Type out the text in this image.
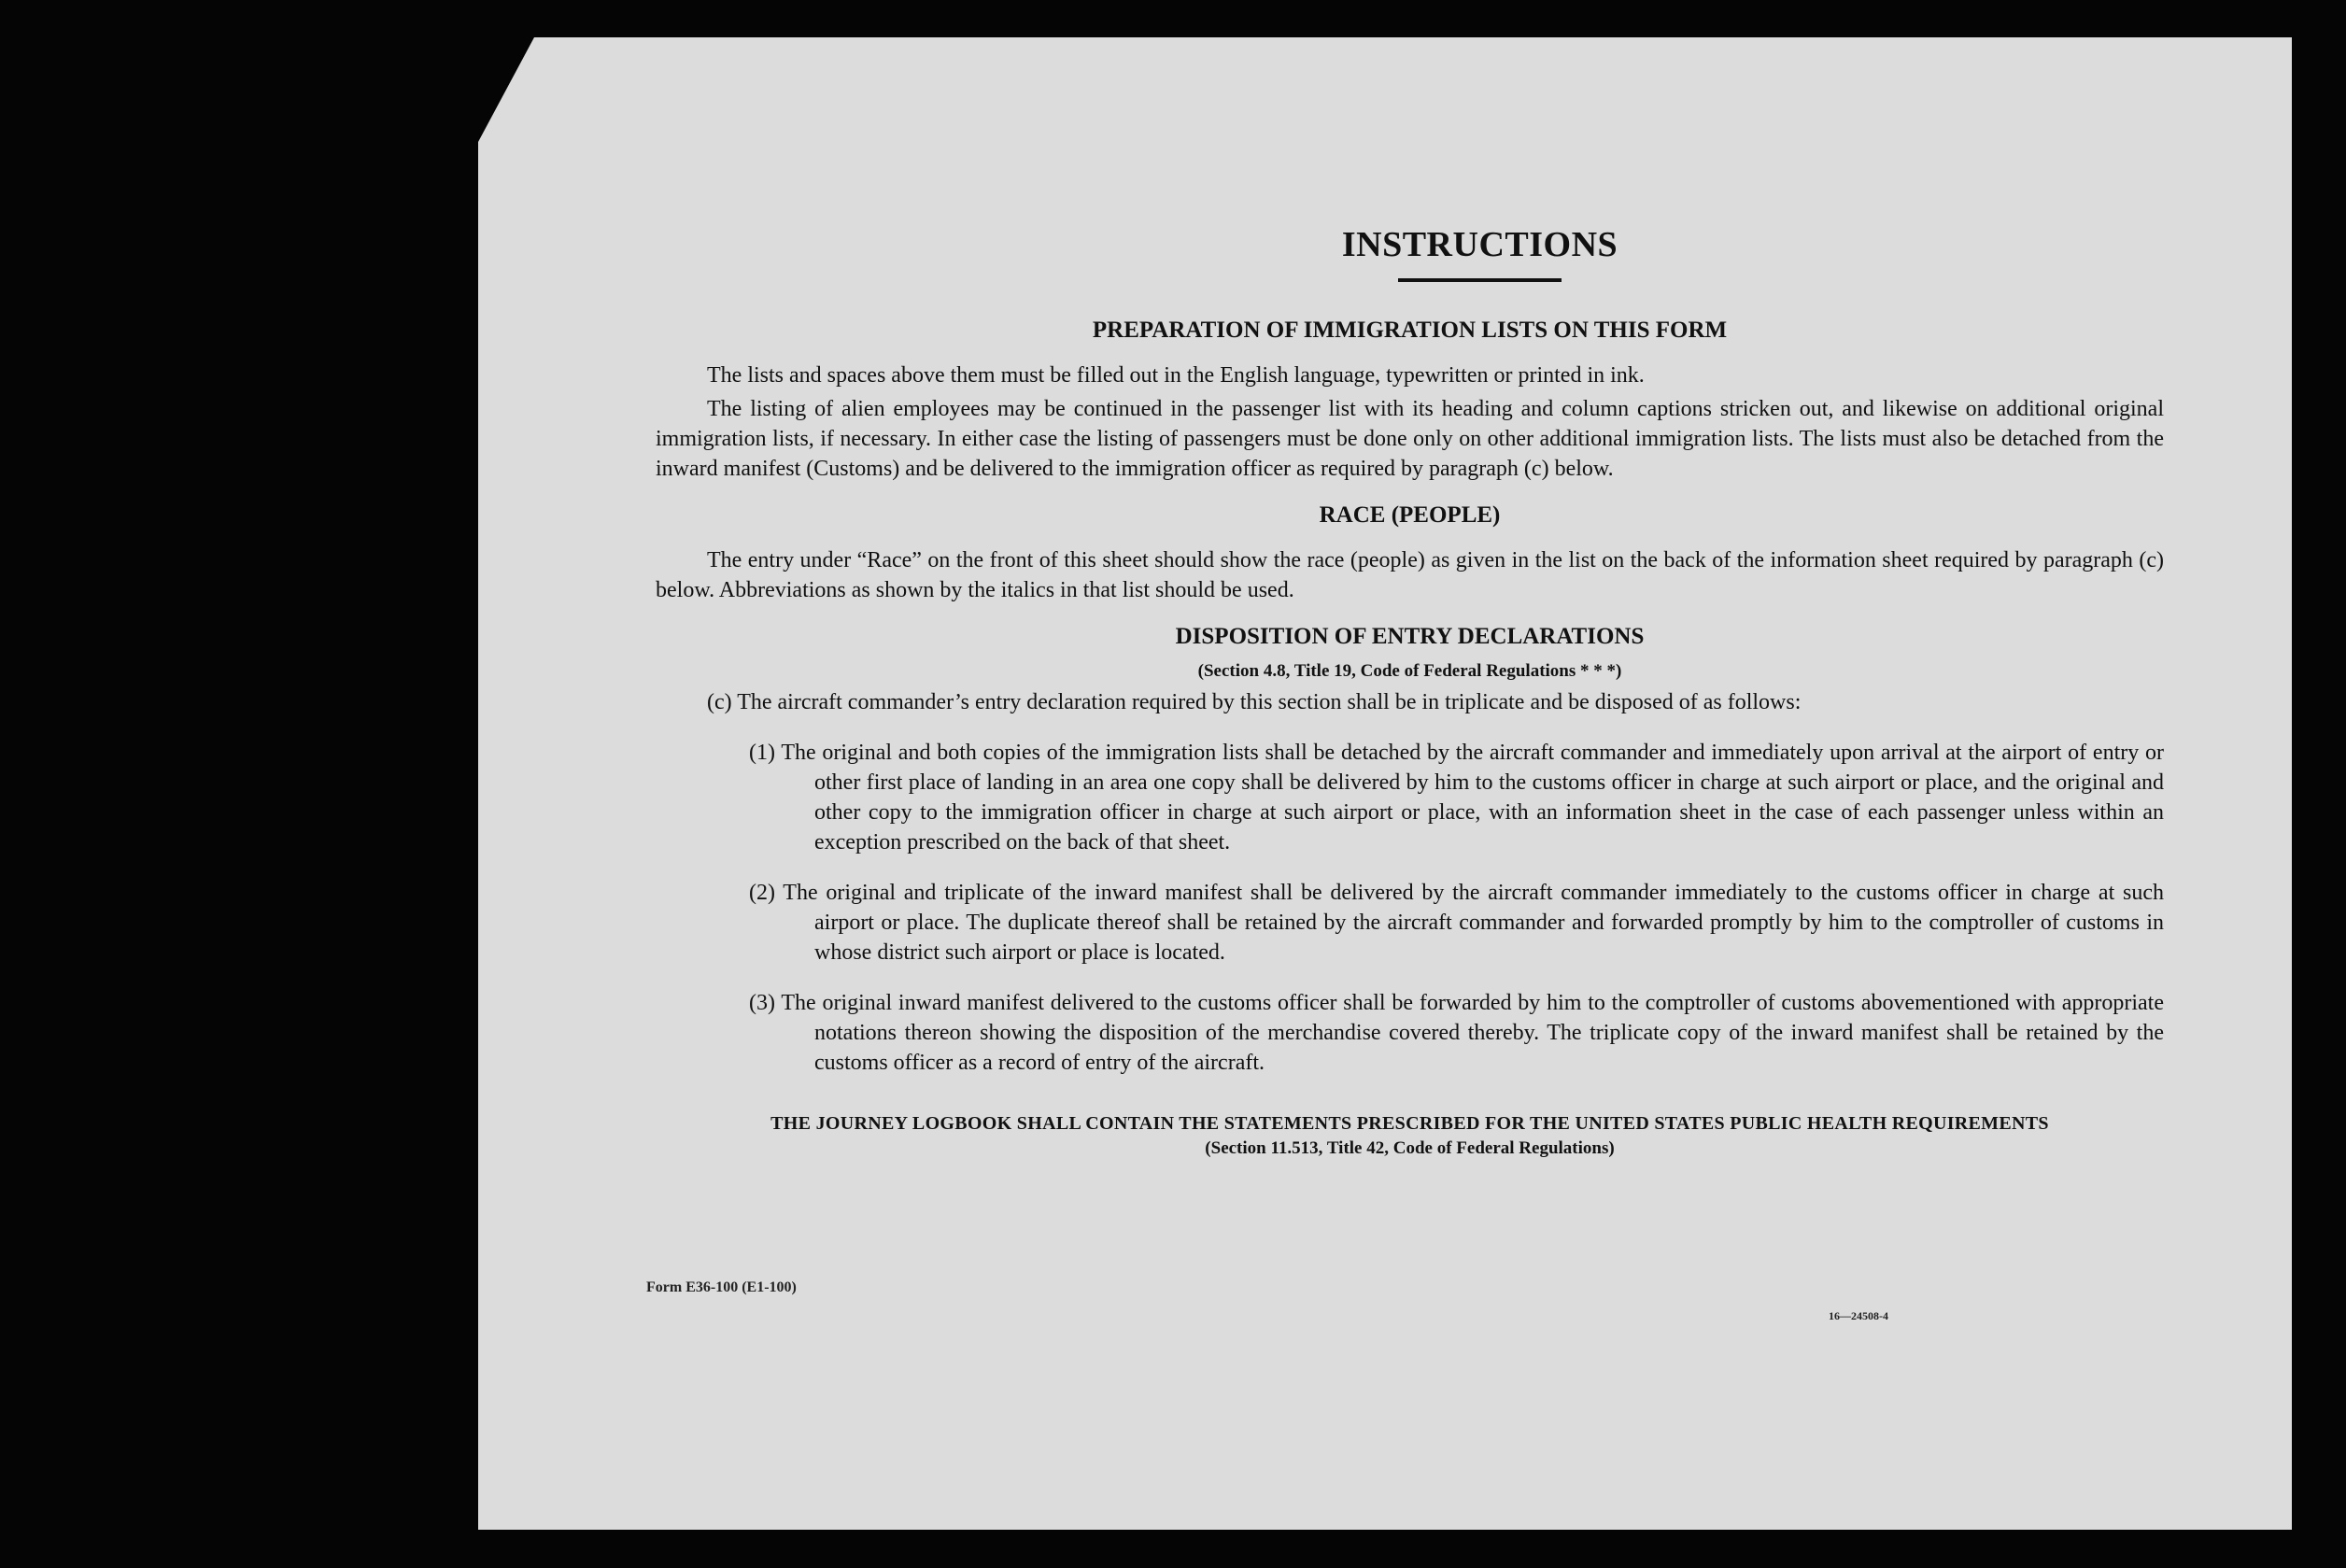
INSTRUCTIONS
PREPARATION OF IMMIGRATION LISTS ON THIS FORM

The lists and spaces above them must be filled out in the English language, typewritten or printed in ink.

The listing of alien employees may be continued in the passenger list with its heading and column captions stricken out, and likewise on additional original immigration lists, if necessary. In either case the listing of passengers must be done only on other additional immigration lists. The lists must also be detached from the inward manifest (Customs) and be delivered to the immigration officer as required by paragraph (c) below.

RACE (PEOPLE)

The entry under “Race” on the front of this sheet should show the race (people) as given in the list on the back of the information sheet required by paragraph (c) below. Abbreviations as shown by the italics in that list should be used.

DISPOSITION OF ENTRY DECLARATIONS
(Section 4.8, Title 19, Code of Federal Regulations * * *)
(c) The aircraft commander’s entry declaration required by this section shall be in triplicate and be disposed of as follows:
(1) The original and both copies of the immigration lists shall be detached by the aircraft commander and immediately upon arrival at the airport of entry or other first place of landing in an area one copy shall be delivered by him to the customs officer in charge at such airport or place, and the original and other copy to the immigration officer in charge at such airport or place, with an information sheet in the case of each passenger unless within an exception prescribed on the back of that sheet.
(2) The original and triplicate of the inward manifest shall be delivered by the aircraft commander immediately to the customs officer in charge at such airport or place. The duplicate thereof shall be retained by the aircraft commander and forwarded promptly by him to the comptroller of customs in whose district such airport or place is located.
(3) The original inward manifest delivered to the customs officer shall be forwarded by him to the comptroller of customs abovementioned with appropriate notations thereon showing the disposition of the merchandise covered thereby. The triplicate copy of the inward manifest shall be retained by the customs officer as a record of entry of the aircraft.
THE JOURNEY LOGBOOK SHALL CONTAIN THE STATEMENTS PRESCRIBED FOR THE UNITED STATES PUBLIC HEALTH REQUIREMENTS
(Section 11.513, Title 42, Code of Federal Regulations)
Form E36-100 (E1-100)
16—24508-4
